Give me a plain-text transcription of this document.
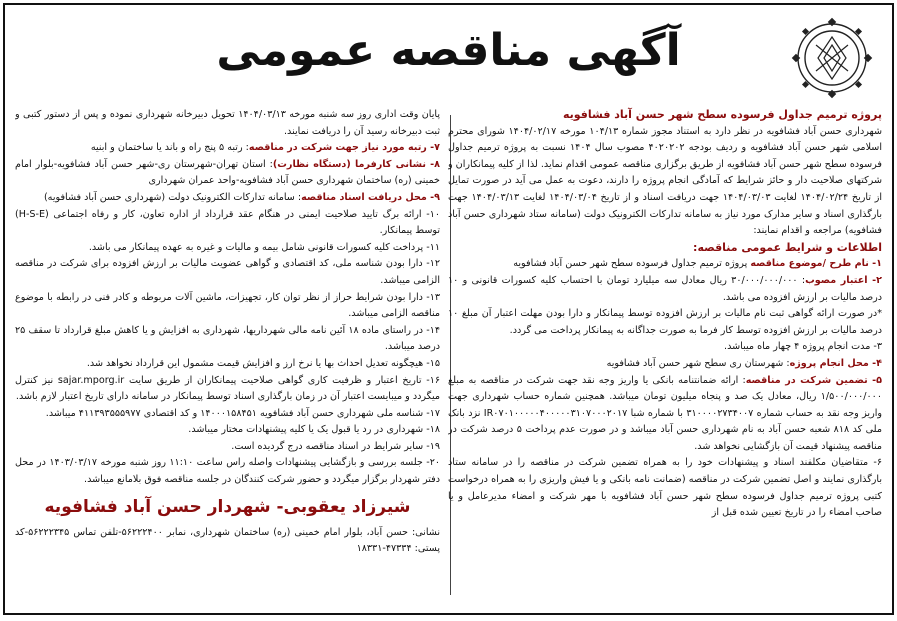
آگهی مناقصه عمومی

پروژه ترمیم جداول فرسوده سطح شهر حسن آباد فشافویه

شهرداری حسن آباد فشافویه در نظر دارد به استناد مجوز شماره ۱۰۴/۱۳ مورخه ۱۴۰۴/۰۲/۱۷ شورای محترم اسلامی شهر حسن آباد فشافویه و ردیف بودجه ۴۰۲۰۲۰۲ مصوب سال ۱۴۰۴ نسبت به پروژه ترمیم جداول فرسوده سطح شهر حسن آباد فشافویه از طریق برگزاری مناقصه عمومی اقدام نماید. لذا از کلیه پیمانکاران و شرکتهای صلاحیت دار و حائز شرایط که آمادگی انجام پروژه را دارند، دعوت به عمل می آید در صورت تمایل از تاریخ ۱۴۰۴/۰۲/۲۴ لغایت ۱۴۰۴/۰۳/۰۳ جهت دریافت اسناد و از تاریخ ۱۴۰۴/۰۳/۰۴ لغایت ۱۴۰۴/۰۳/۱۳ جهت بارگذاری اسناد و سایر مدارک مورد نیاز به سامانه تدارکات الکترونیک دولت (سامانه ستاد شهرداری حسن آباد فشافویه) مراجعه و اقدام نمایند:

اطلاعات و شرایط عمومی مناقصه:

۱- نام طرح /موضوع مناقصه پروژه ترمیم جداول فرسوده سطح شهر حسن آباد فشافویه

۲- اعتبار مصوب: ۳۰/۰۰۰/۰۰۰/۰۰۰ ریال معادل سه میلیارد تومان با احتساب کلیه کسورات قانونی و ۱۰ درصد مالیات بر ارزش افزوده می باشد.

*در صورت ارائه گواهی ثبت نام مالیات بر ارزش افزوده توسط پیمانکار و دارا بودن مهلت اعتبار آن مبلغ ۱۰ درصد مالیات بر ارزش افزوده توسط کار فرما به صورت جداگانه به پیمانکار پرداخت می گردد.

۳- مدت انجام پروژه ۴ چهار ماه میباشد.

۴- محل انجام پروژه: شهرستان ری سطح شهر حسن آباد فشافویه

۵- تضمین شرکت در مناقصه: ارائه ضمانتنامه بانکی یا واریز وجه نقد جهت شرکت در مناقصه به مبلغ ۱/۵۰۰/۰۰۰/۰۰۰ ریال، معادل یک صد و پنجاه میلیون تومان میباشد. همچنین شماره حساب شهرداری جهت واریز وجه نقد به حساب شماره ۳۱۰۰۰۰۲۷۳۴۰۰۷ با شماره شبا IR۰۷۰۱۰۰۰۰۰۴۰۰۰۰۰۳۱۰۷۰۰۰۲۰۱۷ نزد بانک ملی کد ۸۱۸ شعبه حسن آباد به نام شهرداری حسن آباد میباشد و در صورت عدم پرداخت ۵ درصد شرکت در مناقصه پیشنهاد قیمت آن بازگشایی نخواهد شد.

۶- متقاضیان مکلفند اسناد و پیشنهادات خود را به همراه تضمین شرکت در مناقصه را در سامانه ستاد بارگذاری نمایند و اصل تضمین شرکت در مناقصه (ضمانت نامه بانکی و یا فیش واریزی را به همراه درخواست کتبی پروژه ترمیم جداول فرسوده سطح شهر حسن آباد فشافویه با مهر شرکت و امضاء مدیرعامل و یا صاحب امضاء را در تاریخ تعیین شده قبل از

پایان وقت اداری روز سه شنبه مورخه ۱۴۰۴/۰۳/۱۳ تحویل دبیرخانه شهرداری نموده و پس از دستور کتبی و ثبت دبیرخانه رسید آن را دریافت نمایند.

۷- رتبه مورد نیاز جهت شرکت در مناقصه: رتبه ۵ پنج راه و باند یا ساختمان و ابنیه

۸- نشانی کارفرما (دستگاه نظارت): استان تهران-شهرستان ری-شهر حسن آباد فشافویه-بلوار امام خمینی (ره) ساختمان شهرداری حسن آباد فشافویه-واحد عمران شهرداری

۹- محل دریافت اسناد مناقصه: سامانه تدارکات الکترونیک دولت (شهرداری حسن آباد فشافویه)

۱۰- ارائه برگ تایید صلاحیت ایمنی در هنگام عقد قرارداد از اداره تعاون، کار و رفاه اجتماعی (H-S-E) توسط پیمانکار.

۱۱- پرداخت کلیه کسورات قانونی شامل بیمه و مالیات و غیره به عهده پیمانکار می باشد.

۱۲- دارا بودن شناسه ملی، کد اقتصادی و گواهی عضویت مالیات بر ارزش افزوده برای شرکت در مناقصه الزامی میباشد.

۱۳- دارا بودن شرایط حراز از نظر توان کار، تجهیزات، ماشین آلات مربوطه و کادر فنی در رابطه با موضوع مناقصه الزامی میباشد.

۱۴- در راستای ماده ۱۸ آئین نامه مالی شهرداریها، شهرداری به افزایش و یا کاهش مبلغ قرارداد تا سقف ۲۵ درصد میباشد.

۱۵- هیچگونه تعدیل احداث بها یا نرخ ارز و افزایش قیمت مشمول این قرارداد نخواهد شد.

۱۶- تاریخ اعتبار و ظرفیت کاری گواهی صلاحیت پیمانکاران از طریق سایت sajar.mporg.ir نیز کنترل میگردد و میبایست اعتبار آن در زمان بارگذاری اسناد توسط پیمانکار در سامانه دارای تاریخ اعتبار لازم باشد.

۱۷- شناسه ملی شهرداری حسن آباد فشافویه ۱۴۰۰۰۱۵۸۴۵۱ و کد اقتصادی ۴۱۱۳۹۳۵۵۵۹۷۷ میباشد.

۱۸- شهرداری در رد یا قبول یک یا کلیه پیشنهادات مختار میباشد.

۱۹- سایر شرایط در اسناد مناقصه درج گردیده است.

۲۰- جلسه بررسی و بازگشایی پیشنهادات واصله راس ساعت ۱۱:۱۰ روز شنبه مورخه ۱۴۰۳/۰۳/۱۷ در محل دفتر شهردار برگزار میگردد و حضور شرکت کنندگان در جلسه مناقصه فوق بلامانع میباشد.

شیرزاد یعقوبی- شهردار حسن آباد فشافویه

نشانی: حسن آباد، بلوار امام خمینی (ره) ساختمان شهرداری، نمابر ۵۶۲۲۲۴۰۰-تلفن تماس ۵۶۲۲۲۳۴۵-کد پستی: ۴۷۳۳۴-۱۸۳۳۱
